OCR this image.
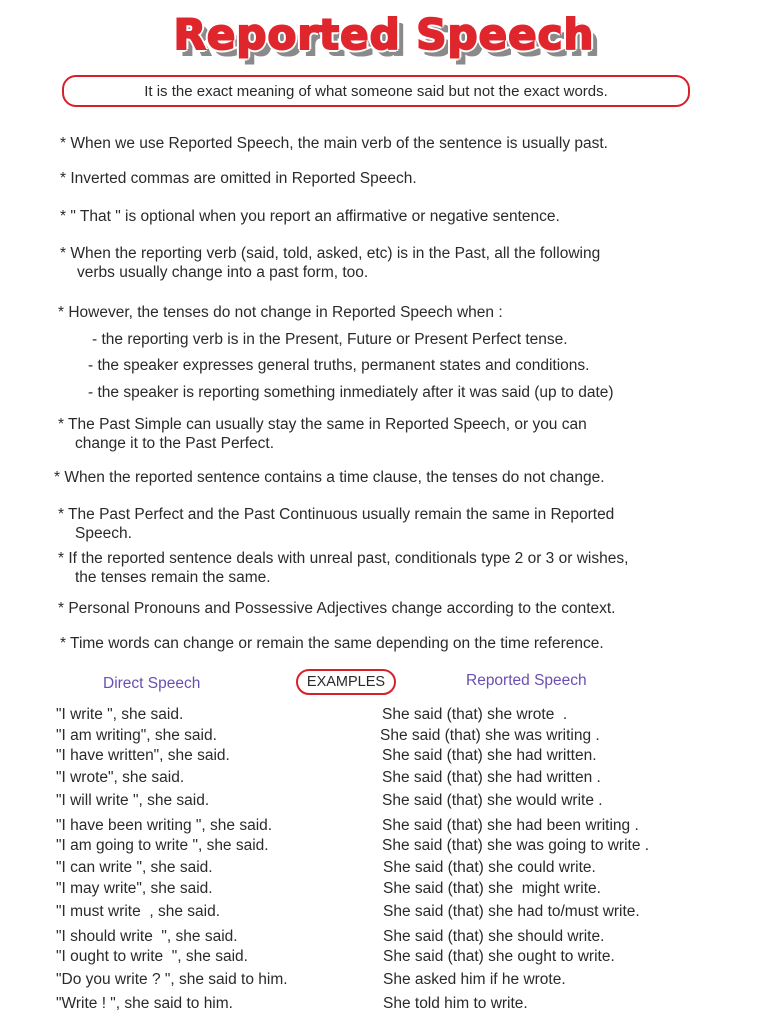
Reported Speech
It is the exact meaning of what someone said but not the exact words.
* When we use Reported Speech, the main verb of the sentence is usually past.
* Inverted commas are omitted in Reported Speech.
* " That " is optional when you report an affirmative or negative sentence.
* When the reporting verb (said, told, asked, etc) is in the Past, all the following
verbs usually change into a past form, too.
* However, the tenses do not change in Reported Speech when :
- the reporting verb is in the Present, Future or Present Perfect tense.
- the speaker expresses general truths, permanent states and conditions.
- the speaker is reporting something inmediately after it was said (up to date)
* The Past Simple can usually stay the same in Reported Speech, or you can
change it to the Past Perfect.
* When the reported sentence contains a time clause, the tenses do not change.
* The Past Perfect and the Past Continuous usually remain the same in Reported
Speech.
* If the reported sentence deals with unreal past, conditionals type 2 or 3 or wishes,
the tenses remain the same.
* Personal Pronouns and Possessive Adjectives change according to the context.
* Time words can change or remain the same depending on the time reference.
Direct Speech	EXAMPLES	Reported Speech
"I write ", she said.	She said (that) she wrote  .
"I am writing", she said.	She said (that) she was writing .
"I have written", she said.	She said (that) she had written.
"I wrote", she said.	She said (that) she had written .
"I will write ", she said.	She said (that) she would write .
"I have been writing ", she said.	She said (that) she had been writing .
"I am going to write ", she said.	She said (that) she was going to write .
"I can write ", she said.	She said (that) she could write.
"I may write", she said.	She said (that) she  might write.
"I must write  , she said.	She said (that) she had to/must write.
"I should write  ", she said.	She said (that) she should write.
"I ought to write  ", she said.	She said (that) she ought to write.
"Do you write ? ", she said to him.	She asked him if he wrote.
"Write ! ", she said to him.	She told him to write.
